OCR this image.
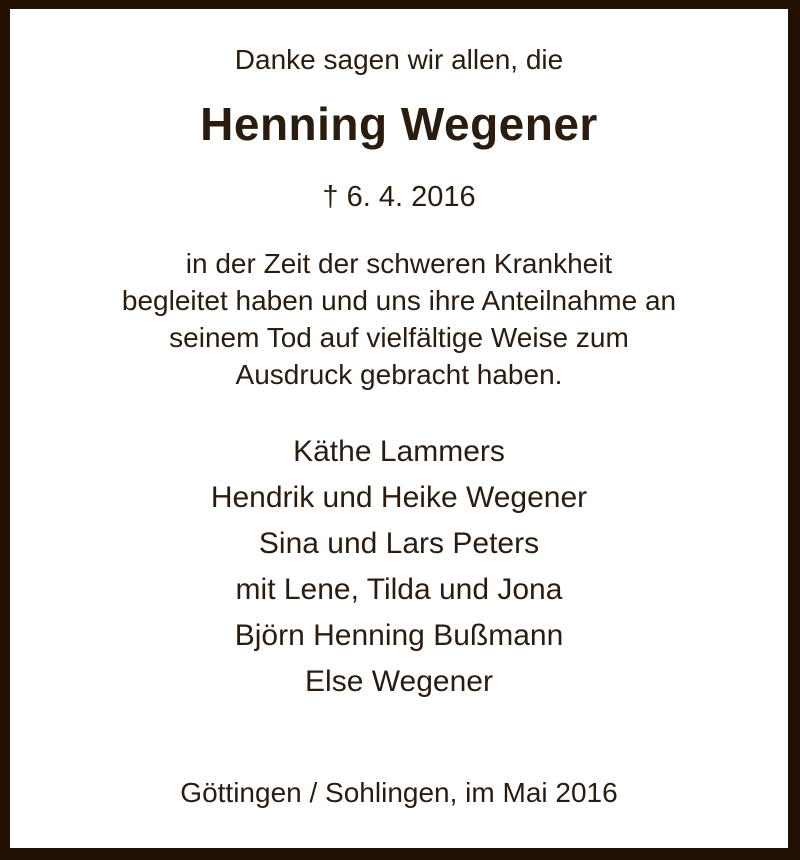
Danke sagen wir allen, die
Henning Wegener
† 6. 4. 2016
in der Zeit der schweren Krankheit
begleitet haben und uns ihre Anteilnahme an
seinem Tod auf vielfältige Weise zum
Ausdruck gebracht haben.
Käthe Lammers
Hendrik und Heike Wegener
Sina und Lars Peters
mit Lene, Tilda und Jona
Björn Henning Bußmann
Else Wegener
Göttingen / Sohlingen, im Mai 2016
